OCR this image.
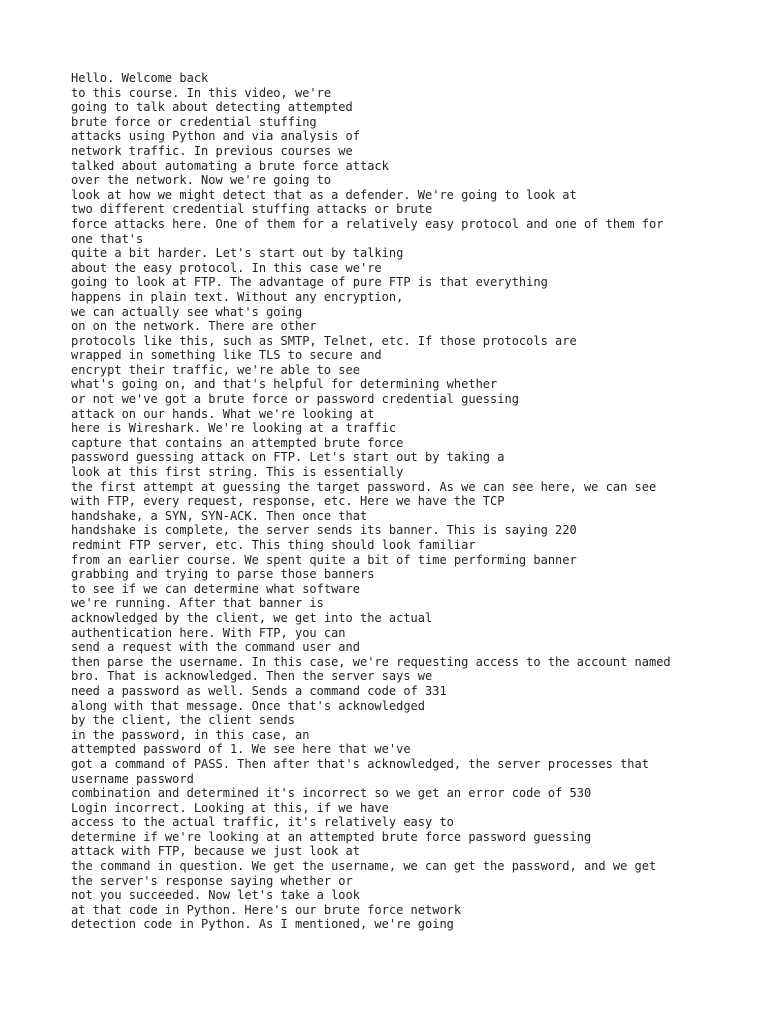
Hello. Welcome back
to this course. In this video, we're
going to talk about detecting attempted
brute force or credential stuffing
attacks using Python and via analysis of
network traffic. In previous courses we
talked about automating a brute force attack
over the network. Now we're going to
look at how we might detect that as a defender. We're going to look at
two different credential stuffing attacks or brute
force attacks here. One of them for a relatively easy protocol and one of them for
one that's
quite a bit harder. Let's start out by talking
about the easy protocol. In this case we're
going to look at FTP. The advantage of pure FTP is that everything
happens in plain text. Without any encryption,
we can actually see what's going
on on the network. There are other
protocols like this, such as SMTP, Telnet, etc. If those protocols are
wrapped in something like TLS to secure and
encrypt their traffic, we're able to see
what's going on, and that's helpful for determining whether
or not we've got a brute force or password credential guessing
attack on our hands. What we're looking at
here is Wireshark. We're looking at a traffic
capture that contains an attempted brute force
password guessing attack on FTP. Let's start out by taking a
look at this first string. This is essentially
the first attempt at guessing the target password. As we can see here, we can see
with FTP, every request, response, etc. Here we have the TCP
handshake, a SYN, SYN-ACK. Then once that
handshake is complete, the server sends its banner. This is saying 220
redmint FTP server, etc. This thing should look familiar
from an earlier course. We spent quite a bit of time performing banner
grabbing and trying to parse those banners
to see if we can determine what software
we're running. After that banner is
acknowledged by the client, we get into the actual
authentication here. With FTP, you can
send a request with the command user and
then parse the username. In this case, we're requesting access to the account named
bro. That is acknowledged. Then the server says we
need a password as well. Sends a command code of 331
along with that message. Once that's acknowledged
by the client, the client sends
in the password, in this case, an
attempted password of 1. We see here that we've
got a command of PASS. Then after that's acknowledged, the server processes that
username password
combination and determined it's incorrect so we get an error code of 530
Login incorrect. Looking at this, if we have
access to the actual traffic, it's relatively easy to
determine if we're looking at an attempted brute force password guessing
attack with FTP, because we just look at
the command in question. We get the username, we can get the password, and we get
the server's response saying whether or
not you succeeded. Now let's take a look
at that code in Python. Here's our brute force network
detection code in Python. As I mentioned, we're going
